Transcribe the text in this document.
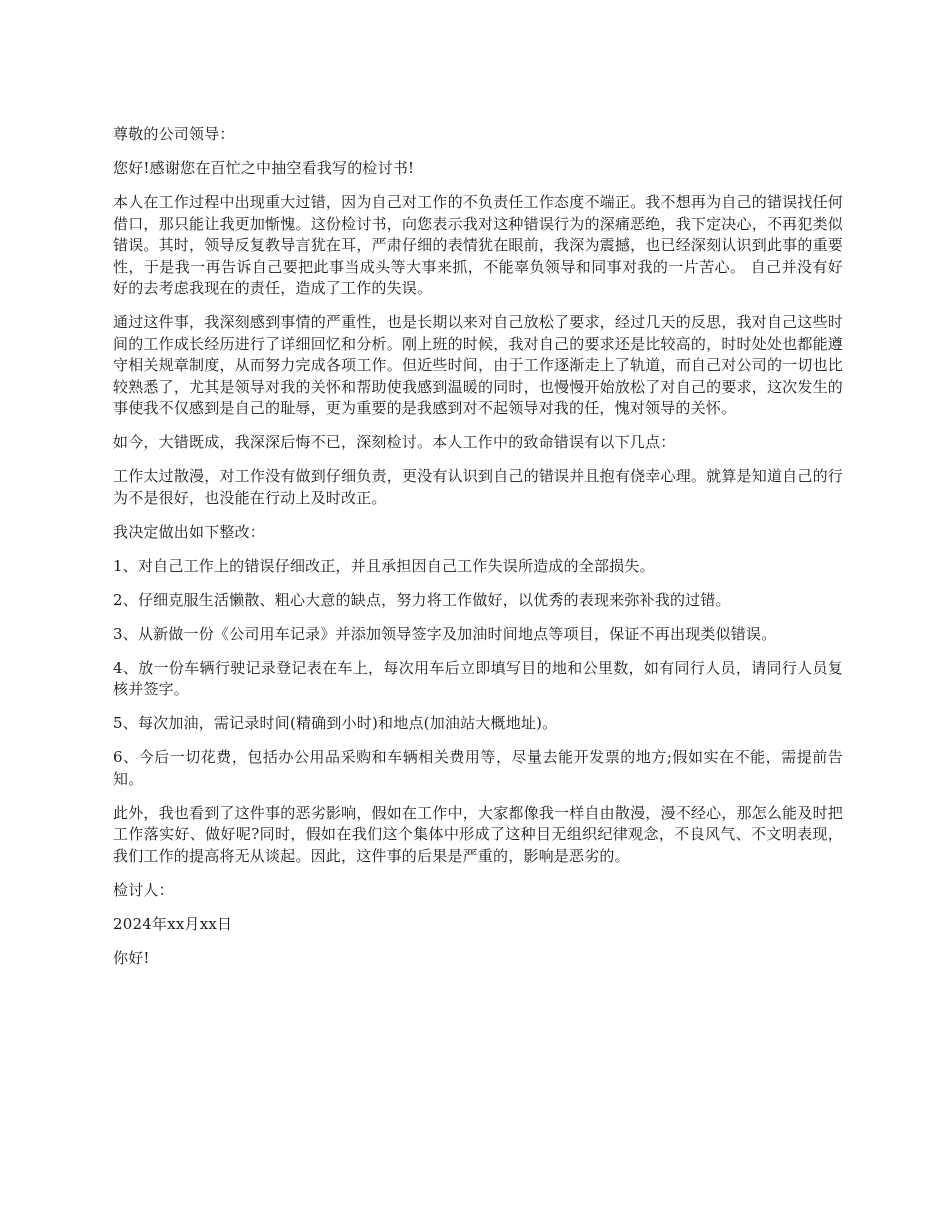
尊敬的公司领导：

您好!感谢您在百忙之中抽空看我写的检讨书!

本人在工作过程中出现重大过错，因为自己对工作的不负责任工作态度不端正。我不想再为自己的错误找任何借口，那只能让我更加惭愧。这份检讨书，向您表示我对这种错误行为的深痛恶绝，我下定决心，不再犯类似错误。其时，领导反复教导言犹在耳，严肃仔细的表情犹在眼前，我深为震撼，也已经深刻认识到此事的重要性，于是我一再告诉自己要把此事当成头等大事来抓，不能辜负领导和同事对我的一片苦心。 自己并没有好好的去考虑我现在的责任，造成了工作的失误。

通过这件事，我深刻感到事情的严重性，也是长期以来对自己放松了要求，经过几天的反思，我对自己这些时间的工作成长经历进行了详细回忆和分析。刚上班的时候，我对自己的要求还是比较高的，时时处处也都能遵守相关规章制度，从而努力完成各项工作。但近些时间，由于工作逐渐走上了轨道，而自己对公司的一切也比较熟悉了，尤其是领导对我的关怀和帮助使我感到温暖的同时，也慢慢开始放松了对自己的要求，这次发生的事使我不仅感到是自己的耻辱，更为重要的是我感到对不起领导对我的任，愧对领导的关怀。

如今，大错既成，我深深后悔不已，深刻检讨。本人工作中的致命错误有以下几点：

工作太过散漫，对工作没有做到仔细负责，更没有认识到自己的错误并且抱有侥幸心理。就算是知道自己的行为不是很好，也没能在行动上及时改正。

我决定做出如下整改：

1、对自己工作上的错误仔细改正，并且承担因自己工作失误所造成的全部损失。

2、仔细克服生活懒散、粗心大意的缺点，努力将工作做好，以优秀的表现来弥补我的过错。

3、从新做一份《公司用车记录》并添加领导签字及加油时间地点等项目，保证不再出现类似错误。

4、放一份车辆行驶记录登记表在车上，每次用车后立即填写目的地和公里数，如有同行人员，请同行人员复核并签字。

5、每次加油，需记录时间(精确到小时)和地点(加油站大概地址)。

6、今后一切花费，包括办公用品采购和车辆相关费用等，尽量去能开发票的地方;假如实在不能，需提前告知。

此外，我也看到了这件事的恶劣影响，假如在工作中，大家都像我一样自由散漫，漫不经心，那怎么能及时把工作落实好、做好呢?同时，假如在我们这个集体中形成了这种目无组织纪律观念，不良风气、不文明表现，我们工作的提高将无从谈起。因此，这件事的后果是严重的，影响是恶劣的。

检讨人：

2024年xx月xx日

你好!
